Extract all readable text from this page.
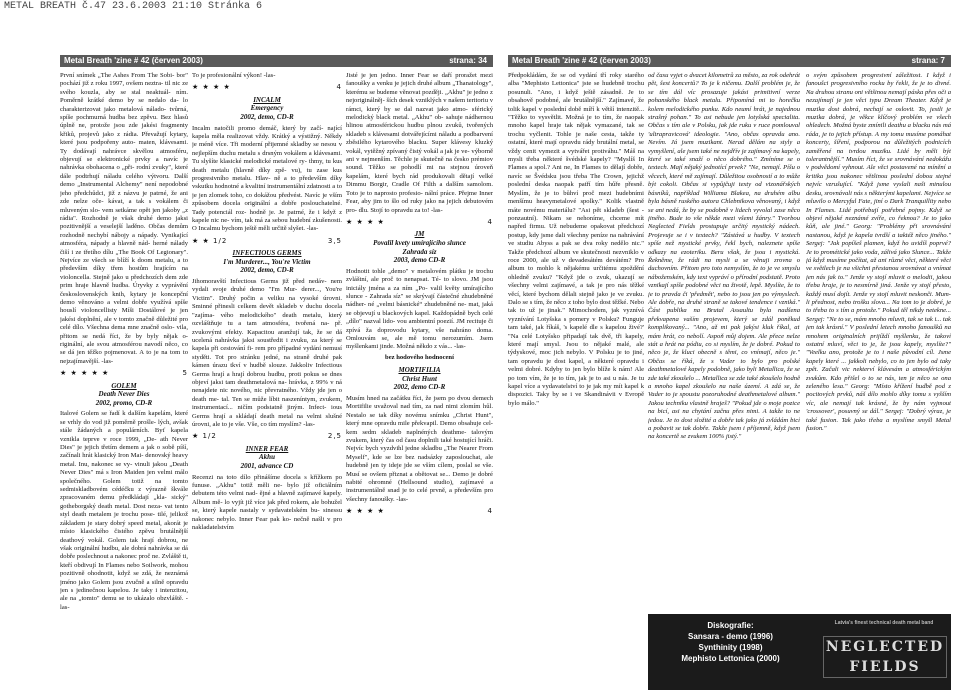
METAL BREATH č.47 23.6.2003 21:10 Stránka 6
Metal Breath 'zine # 42 (červen 2003)	strana: 34

První snímek „The Ashes From The Sobi- bor" pochází již z roku 1997, ovšem neztra- til nic ze svého kouzla, aby se stal neaktuál- ním. Poměrně krátké demo by se nedalo da- lo charakterizovat jako metalová nálado- tvůrná, spíše pochmurná hudba bez zpěvu. Bez hlasů úplně ne, protože jsou zde jakési fragmenty křiků, projevů jako z rádia. Převažují kytary, které jsou podpořeny auto- maten, klávesami. Ty dodávají nahrávce skvělou atmosféru, objevují se elektronické prvky a navíc je nahrávka obohacena o „při- rodní zvuky", které dále podtrhují náladu celého výtvoru. Další demo „Instrumental Alchemy" není nepodobné jeho předchůdci, již z názvu je patrné, že ani zde nelze oče- kávat, a tak s vokálem či mluveným slo- vem setkáme opět jen jakoby „z rádia". Rozhodně je však druhé demo jaksi pozitivnější a veselejší laděno. Občas demům rozhodně nechybí nábojy a nápady. Vynikající atmosféra, nápady a hlavně nád- herné nálady čiší i ze třetího dílu „The Book Of Legionary". Nejvíce ze všech se blíží k doom metalu, a to především díky třem hostům hrajícím na violoncella. Stejně jako u předchozích dem zde prim hraje hlavně hudba. Úryvky z vyprávění československých knih, kytary je koncepční demo věnováno a velmi dobře využívá spíše houslí violoncellisty Míši Dostálové je jen jakési doplnění, ale v tomto značně důležité pro celé dílo. Všechna dema mne značně oslo- vila, přitom se nedá říci, že by byly nějak o- riginální, ale svou atmosférou navodí něco, co se dá jen těžko pojmenovat. A to je na tom to nejzajímavější. -las-

★ ★ ★ ★ ★	5
GOLEM
Death Never Dies
2002, promo, CD-R

Italové Golem se řadí k dalším kapelám, které se vrhly do vod již poměrně prošle- lých, avšak stále žádaných a populárních. Byť kapela vznikla teprve v roce 1999, „De- ath Never Dies" je jejich třetím demem a jak o sobě píší, začínali hrát klasický Iron Mai- denovský heavy metal. Inu, nakonec se vy- vinuli jakou „Death Never Dies" má s Iron Maiden jen velmi málo společného. Golem totiž na tomto sedmiskladbovém cédéčku z výrazně škvále zpracovaném demu předkládají „kla- sický" gotheborgský death metal. Dost neza- vat tento styl death metalem je trochu pose- tilé, jelikož základem je stary dobrý speed metal, akorát je místo klasického čistého zpěvu brutálnější deathový vokál. Golem tak hrají dobrou, ne však originální hudbu, ale dobrá nahrávka se dá dobře poslechnout a nakonec proč ne. Zvláště ti, kteří obdivují In Flames nebo Soilwork, mohou pozitivně ohodnotit, když se zdá, že neznámá jméno jako Golem jsou zvučně a silně opravdu jen s jedinečnou kapelou. Je taky i intenzitou, ale na „tomto" demu se to ukázalo obzvláště. -las-

To je profesionální výkon! -las-

★ ★ ★ ★	4
INCALM
Emergency
2002, demo, CD-R

Incalm natočili promo demáč, který by začí- nající kapela měla realizovat vždy. Krátký a výstižný. Někdy je méně více. Tři moderní přijemné skladby se nesou v nejlepším duchu metalu s drsným vokálem a klávesami. Tu slyšíte klasické melodické metalové ry- thmy, tu kus death metalu (hlavně díky zpě- vu), tu zase kus progresivního metalu. Hlav- ně a to především díky vskutku hodnotné a kvalitní instrumentální zdatnosti a to je jen zlomek toho, co dokážou předvést. Navíc je vším způsobem docela originální a dobře poslouchatelné. Tady potenciál roz- hodně je. Je patrné, že i když z kapele nic ne- vím, tak má za sebou hudební zkušenosti. O Incalmu bychom ještě měli určitě slyšet. -las-

★ ★ 1/2	3,5
INFECTIOUS GERMS
I'm Murderer..., You're Victim
2002, demo, CD-R

Jihomoravští Infectious Germs již před nedáv- nem vydali svoje druhé demo "I'm Mur- derer..., You're Victim". Druhý počin a veliku na vysoké úrovni. Sminné přinesli celkem devět skladeb v duchu docela "zajíma- vého melodického" death metalu, který ozvláštňuje tu a tam atmosféra, tvořená na- př. zvukovými efekty. Kapacitou aranžují tak, že se dá ucelená nahrávka jaksi soustředit i zvuku, za který se kapela při cestování fi- rem pro případné vydání nemusí styděti. Tot pro stránku jedné, na straně druhé pak kámen úrazu tkví v hudbě slouze. Jakkoliv Infectious Germs hrají a hrají dobrou hudbu, proti pokus se dnes objeví jaksi tam deathmetalová na- hrávka, z 99% v ná nenajdete nic nového, nic převratného. Vždy jde jen o death me- tal. Ten se může líbit naszeníntym, zvukem, instrumentací... ničím podstatně jiným. Infect- ious Germs hrají a skládají death metal na velmi slušné úrovni, ale to je vše. Vše, co tím myslím? -las-

★ 1/2	2,5
INNER FEAR
Akhu
2001, advance CD

Recenzi na toto dílo přinášíme docela s křížkem po funuse. „Akhu" totiž měli ne- bylo již oficiálním debutem této velmi nad- ějné a hlavně zajímavé kapely. Album mě- lo vyjít již více jak před rokem, ale bohužel se, který kapele nastaly v sydavatelském bu- sinessu nakonec nebylo. Inner Fear pak ko- nečně našli v pro nakladatelstvím

Jisté je jen jedno. Inner Fear se daří proražet mezi fanoušky a venku je jejich druhé album „Thanatology", kterému se budeme věnovat později. „Akhu" je jedno z nejoriginálněj- ších desek vzniklých v našem teritoriu v rámci, který by se dal nazvat jako atmo- sférický melodický black metal. „Akhu" ob- sahuje nádhernou hlinou atmosférickou hudbu plnou zvuků, tvořených skladeb s klávesami dotvářejícími náladu a podbarvení zběsilého kytarového blacku. Super klávesy kluzký vokál, vytěžný zpívaný čistý vokál a jak je ve- výborně ani v nejmenším. Těchle je skutečně na česko prémiov sound. Těžko se pohodlí mi na stejnou úroveň kapelám, které bych rád produkovali dětají velké Dimmu Borgir, Cradle Of Filth a dalším samolom. Toto je to naprosto profesio- nální práce. Přejme Inner Fear, aby jim to šlo od ruky jako na jejich debutovém pro- dlu. Stojí to opravdu za to! -las-

★ ★ ★ ★	4
JM
Povalil kvety umírajícího slunce
Zahrada síz
2003, demo CD-R

Hodnotit tohle „demo" v metalovém plátku je trochu zvláštní, ale proč to nenapsat. Té- to slovo. JM jsou iniciály jména a za ním „Po- valil květy umírajícího slunce - Zahrada síz" se skrývají částečné zhudebněné nádher- né „velmi básnické“ zhudebněné ne- mat, jaká se objevují u blackových kapel. Každopádně bych celé „dílo" nazval lido- vou ambientní poezií. JM recituje či zpívá ža doprovodu kytary, vše nahráno doma. Omlouvám se, ale mě tomu nerozumím. Jsem myšlenkami jinde. Možná někdo z vás... -las-

bez hodového hodnocení

MORTIFILIA
Christ Hunt
2002, demo CD-R

Musím hned na začátku říci, že jsem po dvou demech Mortifilie uvažoval nad tím, za nad nimi zlomím hůl. Nestalo se tak díky novému snímku „Christ Hunt", který mne opravdu mile překvapil. Demo obsahuje cel- kem sedm skladeb naplnéných deathme- talovým zvukem, který čas od času doplnili také hostující hráči. Nejvíc bych vyzdvihl jedne skladbu „The Nearer From Myself", kde se lze bez nadsázky zaposlouchat, ale hudebně jen ty ideje jde se vším cílem, poslal se vše. Musí se ovšem přiznat a obětovat se... Demo je dobré nabité ohromné (Hellsound studio), zajímavé a instrumentálně snad je to celé prvně, a především pro všechny fanoušky. -las-

★ ★ ★ ★	4
Metal Breath 'zine # 42 (červen 2003)	strana: 7

Předpokládám, že se od vydání tří roky starého alba "Mephisto Lettonica" jste se hudebně trochu posunuli. "Ano, i když ještě zásadně. Je to obsahově podobné, ale brutálnější." Zajímavé, že tolik kapel v poslední době míří k větší intenzitě... "Těžko to vysvětlit. Možná je to tím, že naopak mnoho kapel hraje tak nějak vymazané, tak se trochu vyčlenit. Tohle je naše cesta, takže ty ostatní, které mají opravdu rády brutální metal, se vždy cenit vymezit a vytvářet protiváhu." Máš na mysli třeba některé švédské kapely? "Myslíš In Flames a spol.? Ani ne, In Flames to dělají dobře, navíc se Švédsku jsou třeba The Crown, jejichž poslední deska naopak patří tím hůře přesně. Myslím, že je to bůhví proč mezi hudebními menšímu heavymetalové spolky." Kolik vlastně máte novému materiálu? "Asi pět skladeb (šest - ponzautní). Nikam se nehoníme, chceme mít napřed firmu. Už nebudeme opakovat předchozí postup, kdy jsme dali všechny peníze na nahrávání ve studiu Abyss a pak se dva roky nedělo nic." Takže předchozí album ve skutečnosti nezvniklo v roce 2000, ale už v devadesátém devátém? Pro album to mohlo k nějakému určitému zpoždění ohledně zvuku? "Když jde o zvuk, ukazují se všechny velmi zajímavé, a tak je pro nás těžké věcí, které bychom dělali stejně jako je ve zvuku. Dalo se s tím, že něco z toho bylo dost těžké. Nebo tak to už je jinak." Mimochodem, jak vyznívá vyznívání Lotyšska s pomery v Polsku? Funguje tam také, jak říkáš, 's kapelé dle s kapelou živé?' "Na celé Lotyšsko připadají tak dvě, tři kapely, které mají smysl. Jsou to nějaké malé, ale týdyskové, moc jich nebylo. V Polsku je to jiné, tam opravdu je dost kapel, a některé opravdu i velmi dobré. Kdyby to jen bylo blíže k nám! Ale po tom vím, že je to tím, jak je to asi u nás. Je tu kapel více a vydavatelství to je jak my mít kapel k dispozici. Taky by se i ve Skandinávii v Evropě bylo málo."

od času vyjet o dvacet kilometrů za město, za rok odehrát pět, šest koncertů? To je k ničemu. Další problém je, že se tím dál víc prosazuje jakási primitivní verze pohanského black metalu. Připomíná mi to horečku kolem melodického punku. Kdo neumí hrát, je najednou strašný pohan." To asi nebude jen lotyšská specialita. Občas s tím ale v Polsku, jak jde ruku v ruce pomlouval 'ultrapravicová' ideologie. "Ano, občas opravdu ano. Nevím. Já jsem muzikant. Nerad dělám na styly a vymyšlení, ale jsem také ne nejdřív je zajímavý na kapely, které se také snaží o něco dobrého." Zmíníme se o textech. Mají nějaký jednotící prvek? "Ne, nemají. Píšu o věcech, které mě zajímají. Důležitou osobností a to může být cokoli. Občas si vypůjčuji texty od vizonářských básníků, například Williama Blakea, na druhém albu byla básně ruského autora Chlebnikova věnovaný, i když se ani nedá, že by se podobně v lidech vyvolal zase něco jiného. Bude to vše někde mezi všemi žánry." Tvorbou Neglected Fields prostupuje určitý mystický nádech. Projevuje se i v textech? "Zástává u hudby. V textech spíše než mystické prvky, řekl bych, naleznete spíše odkazy na ezoteriku. Beru však, že jsou i mystická. Řekněme, že rádi na mysli a se věnuji zrovna o duchovním. Přitom pro toto nemyslím, že to je ve smyslu náboženském, kdy text vypráví o přírodní podstatě. Proto vznikají spíše podobné věci na životě, lepě. Myslíte, že to je to pravda či 'předmět', nebo to jsou jen po výmyslech. Ale dobře, na druhé straně se takové tendence i vzniká." Část publika na Brutal Assaultu byla nadšena překvapena vaším projevem, který se zdál poněkud komplikovaný... "Ano, až mi pak jakýsi kluk říkal, ať mám hrát, co nebolí. Aspoň můj dojem. Ale přece nelze stát a hrát na pódiu, co si myslím, že je dobré. Pokud to něco je, že kluci obecně s těmi, co vnímají, něco je." Občas se říká, že s Vader to bylo pro polské deathmetalové kapely podobně, jako byli Metallica, že se zde také zkoušelo ... Metallica se zde také zkoušelo hodně a mnoho kapel zkoušelo na naše území. A zdá se, že Vader to je spoustu pozoruhodné deathmetalové album." Jakou techniku vlastně hraješ? "Pokud jde o moje pozice na bicí, asi na chytání začnu přes nimi. A takže to ne jedou. Je to dost složité a dobře tak jako já zvládám bicí a pobavit se tak dobře. Takže jsem i příjemně, když jsem na koncertě se zvukem 100% jistý."

o svým způsobem progresivní záležitost. I když i fanoušci progresivního rocku by řekli, že je to divné. Na druhou stranu oni většinou nemají páska přes oči a nezajímají je jen věci typu Dream Theater. Když je muzika dost dobrá, nechají se oslovit. To, jestli je muzika dobrá, je věkce klíčový problém ve všech ohledech. Možná byste zmínili deathu a blacku nás má ráda, je to jejich přístup. A my tomu musíme pomáhat koncerty, šíření, podporou na důležitých podnicích zaměřené na tvrdou muziku. Lidé by měli být tolerantnější." Musím říct, že se srovnávání nedokážu v podvědomí vyhnout. Ale věci postavené na mínění a kritika jsou nakonec většinou poslední dobou stejné nejvíc vzrušující. "Když jsme vyslali naši minulou desku, srovnávali nás s některými kapelami. Nejvíce se mluvilo o Mercyful Fate, jiní o Dark Tranquillity nebo In Flames. Lidé potřebují potřebné pojmy. Když se objeví nějaké neznámé zvíře, co řeknou? Je to jako kůň, ale jiné." Georg: "Problémy při srovnávání nastanou, když je kapela tvrdší a taktéž něco jiného." Sergej: "Jak popíšeš plamen, když ho uvidíš poprvé? Je to prométické jako voda, zálivá jako Slunce... Takže já když musíme počítat, až ani různé věci, některé věci ve světlech je na všichni přestanou srovnávat a vnímat jen nás jak to." Jenže vy stojí mluvit o melodii, jakou třeba hraje, je to nesmírně jiná. Jenže vy stojí přesto, každý musí dojít. Jenže vy stojí mluvit neskonči. Mum-li přednost, nebo trošku slova... Na tom to je dobré, je to třeba to s tím a protože." Pokud těl nikdy netekne... Sergej: "Ne to se, mám mnoho mluvit, tak se tak i... tak jen tak krásní." V poslední letech mnoho fanoušků na mnohem originalních prijíždí myšlenku, že takoví ostatní mluví, věci to je, že jsou kapely, myslíte?" "Veelku ano, protože je to i naše původní cíl. Jsme kapely které ... jakkoli nebylo, co to jen bylo od taky zpět. Začali vic nekterví klávesám a atmosférickým zvukům. Kdo přišel o to se nás, ten je něco se ona zeleného lesa." Georg: "Místo křížení hudbě pod z pocitových prvků, náš dílo mohlo díky tomu s vyšším víc, ale nemají tak krásné, že by nám vyjmout 'crossover', posuvný se dál." Sergej: "Dobrý výraz, je také fusion. Tak jako třeba a myslíme smyšl Metal fusion."

Diskografie:
Sansara - demo (1996)
Synthinity (1998)
Mephisto Lettonica (2000)
Latvia's finest technical death metal band
NEGLECTED FIELDS
